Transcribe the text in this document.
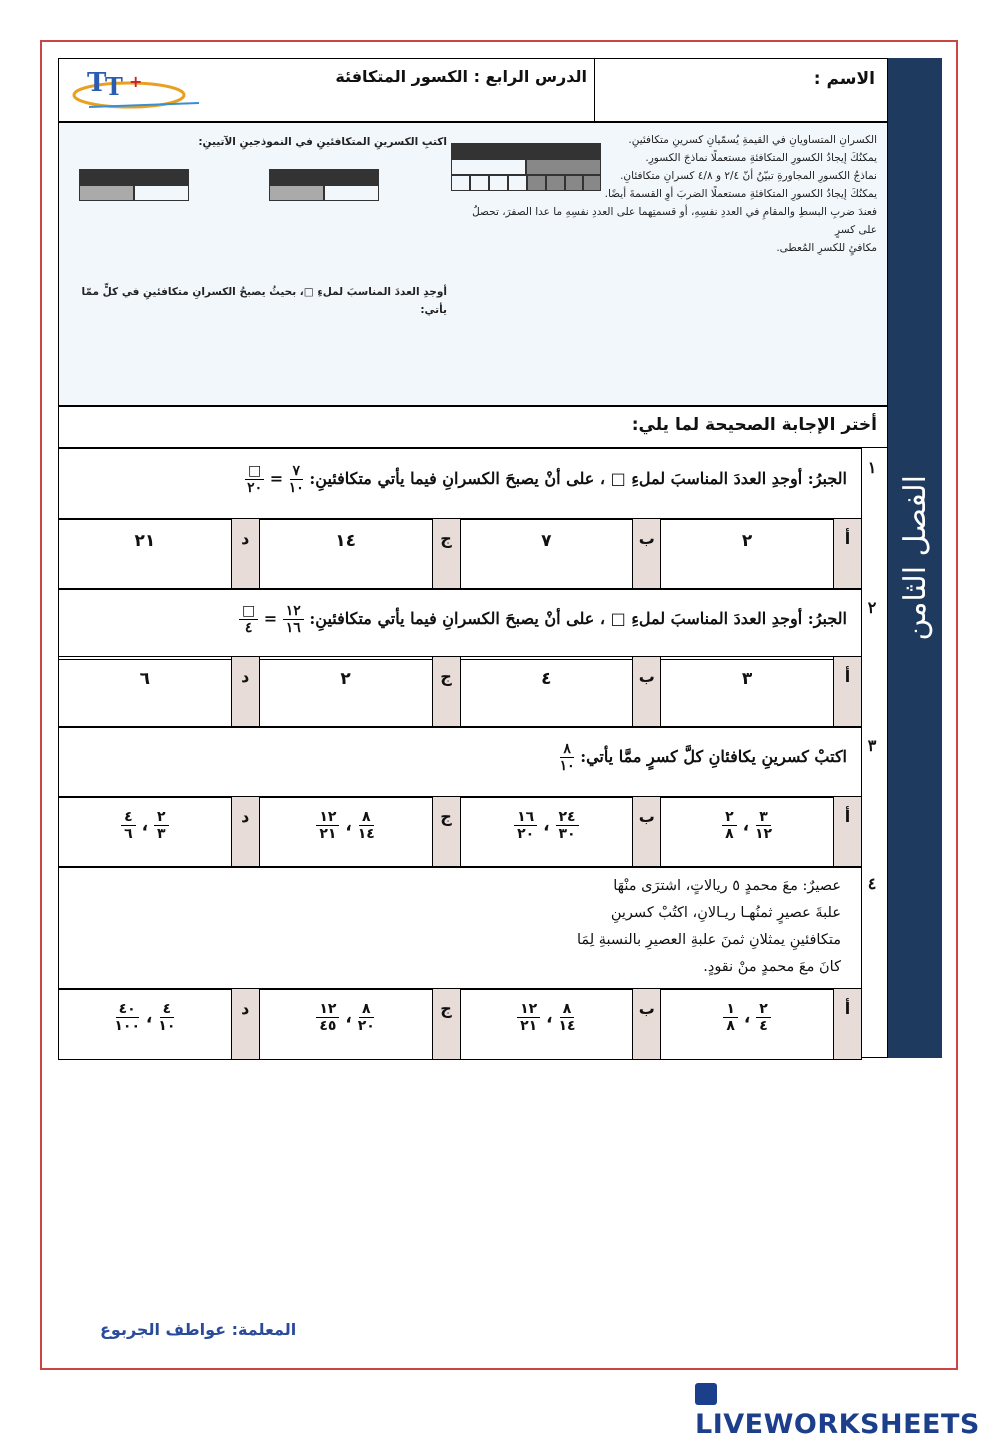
الفصل الثامن
الاسم :
الدرس الرابع : الكسور المتكافئة
T
T +
الكسرانِ المتساويانِ في القيمةِ يُسمّيانِ كسرينِ متكافئينِ.
يمكنُكَ إيجادُ الكسورِ المتكافئةِ مستعملًا نماذجَ الكسورِ.
نماذجُ الكسورِ المجاورةِ تبيّنُ أنّ ٢/٤ و ٤/٨ كسرانِ متكافئانِ.
يمكنُكَ إيجادُ الكسورِ المتكافئةِ مستعملًا الضربَ أوِ القسمةَ أيضًا.
فعندَ ضربِ البسطِ والمقامِ في العددِ نفسِهِ، أو قسمتِهما على العددِ نفسِهِ ما عدا الصفرَ، تحصلُ على كسرٍ
مكافئٍ للكسرِ المُعطى.
اكتبِ الكسرينِ المتكافئينِ في النموذجينِ الآتيينِ:
أوجدِ العددَ المناسبَ لملءِ □، بحيثُ يصبحُ الكسرانِ متكافئينِ في كلٍّ ممّا يأتي:
أختر الإجابة الصحيحة لما يلي:
١
الجبرُ: أوجدِ العددَ المناسبَ لملءِ □ ، على أنْ يصبحَ الكسرانِ فيما يأتي متكافئينِ:
$\frac{٧}{١٠}$
=
$\frac{□}{٢٠}$
أ
٢
ب
٧
ج
١٤
د
٢١
٢
الجبرُ: أوجدِ العددَ المناسبَ لملءِ □ ، على أنْ يصبحَ الكسرانِ فيما يأتي متكافئينِ:
$\frac{١٢}{١٦}$
=
$\frac{□}{٤}$
أ
٣
ب
٤
ج
٢
د
٦
٣
اكتبْ كسرينِ يكافئانِ كلَّ كسرٍ ممَّا يأتي:
$\frac{٨}{١٠}$
أ
$\frac{٣}{١٢}$
،
$\frac{٢}{٨}$
ب
$\frac{٢٤}{٣٠}$
،
$\frac{١٦}{٢٠}$
ج
$\frac{٨}{١٤}$
،
$\frac{١٢}{٢١}$
د
$\frac{٢}{٣}$
،
$\frac{٤}{٦}$
٤
عصيرٌ: معَ محمدٍ ٥ ريالاتٍ، اشترَى منْهَا
علبةَ عصيرٍ ثمنُهـا ريـالانِ، اكتُبْ كسرينِ
متكافئينِ يمثلانِ ثمنَ علبةِ العصيرِ بالنسبةِ لِمَا
كانَ معَ محمدٍ منْ نقودٍ.
أ
$\frac{٢}{٤}$
،
$\frac{١}{٨}$
ب
$\frac{٨}{١٤}$
،
$\frac{١٢}{٢١}$
ج
$\frac{٨}{٢٠}$
،
$\frac{١٢}{٤٥}$
د
$\frac{٤}{١٠}$
،
$\frac{٤٠}{١٠٠}$
المعلمة: عواطف الجربوع
LIVEWORKSHEETS
